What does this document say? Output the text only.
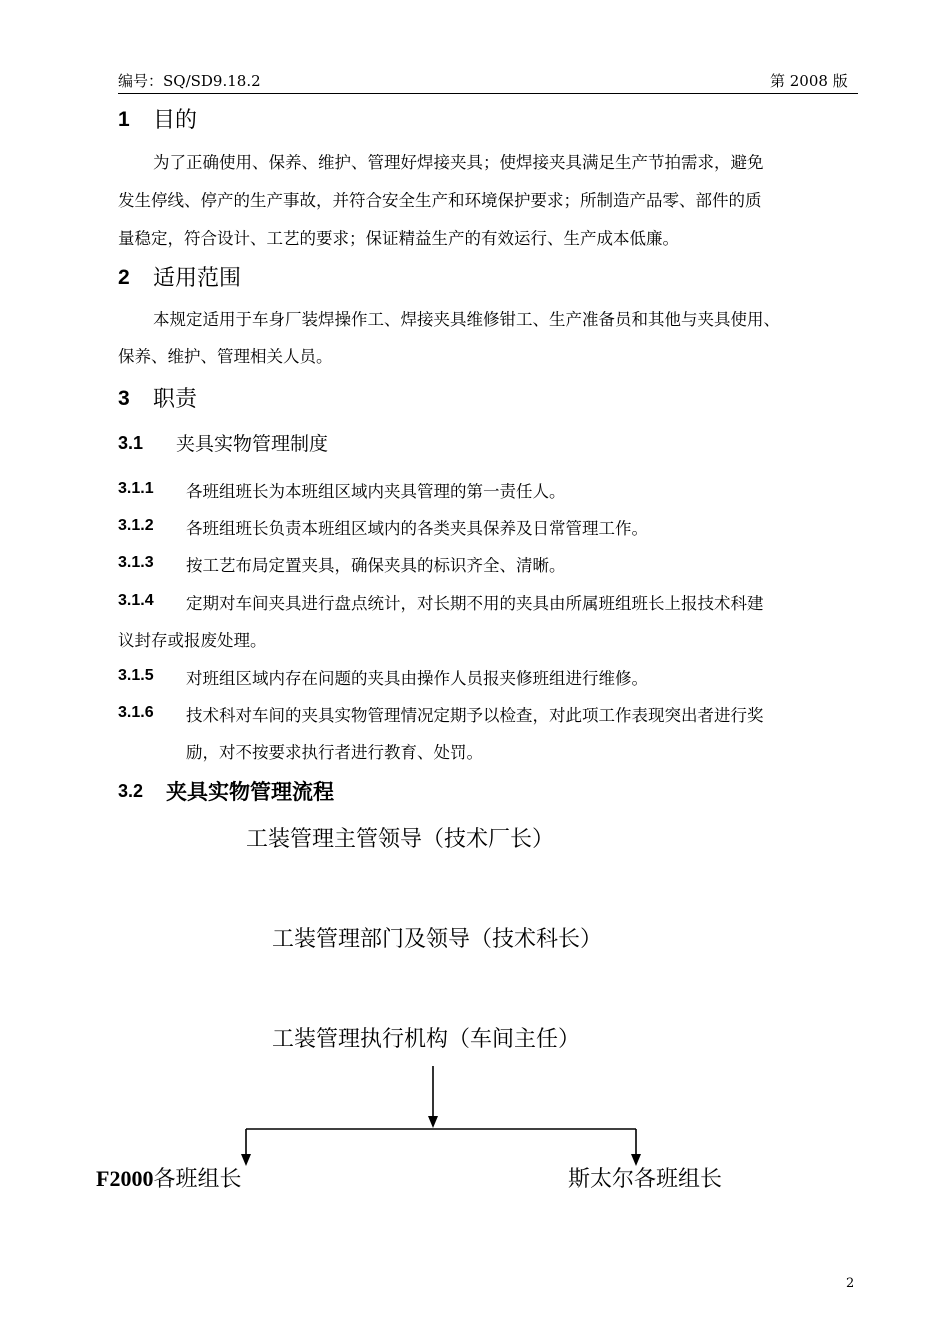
编号：SQ/SD9.18.2	第 2008 版
1 目的
为了正确使用、保养、维护、管理好焊接夹具；使焊接夹具满足生产节拍需求，避免
发生停线、停产的生产事故，并符合安全生产和环境保护要求；所制造产品零、部件的质
量稳定，符合设计、工艺的要求；保证精益生产的有效运行、生产成本低廉。
2 适用范围
本规定适用于车身厂装焊操作工、焊接夹具维修钳工、生产准备员和其他与夹具使用、
保养、维护、管理相关人员。
3 职责
3.1 夹具实物管理制度
3.1.1 各班组班长为本班组区域内夹具管理的第一责任人。
3.1.2 各班组班长负责本班组区域内的各类夹具保养及日常管理工作。
3.1.3 按工艺布局定置夹具，确保夹具的标识齐全、清晰。
3.1.4 定期对车间夹具进行盘点统计，对长期不用的夹具由所属班组班长上报技术科建
议封存或报废处理。
3.1.5 对班组区域内存在问题的夹具由操作人员报夹修班组进行维修。
3.1.6 技术科对车间的夹具实物管理情况定期予以检查，对此项工作表现突出者进行奖
励，对不按要求执行者进行教育、处罚。
3.2 夹具实物管理流程
工装管理主管领导（技术厂长）
工装管理部门及领导（技术科长）
工装管理执行机构（车间主任）
F2000各班组长	斯太尔各班组长
2
